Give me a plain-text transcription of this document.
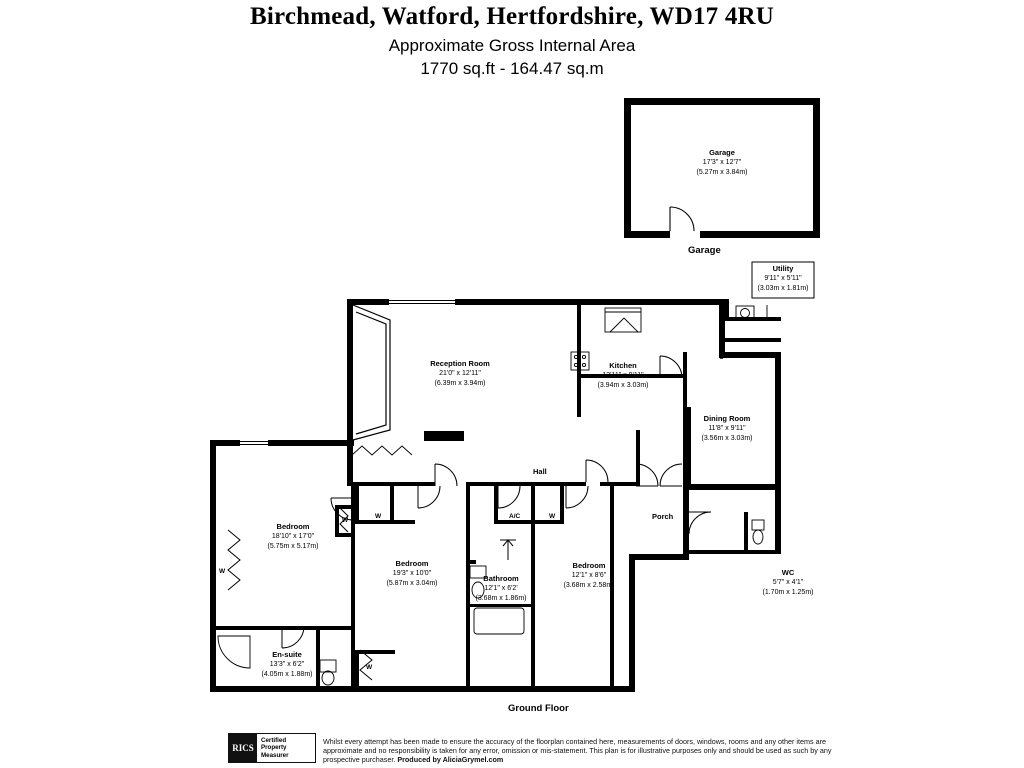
Birchmead, Watford, Hertfordshire, WD17 4RU
Approximate Gross Internal Area
1770 sq.ft - 164.47 sq.m
Garage
17'3" x 12'7"
(5.27m x 3.84m)
Garage
Utility
9'11" x 5'11"
(3.03m x 1.81m)
Reception Room
21'0" x 12'11"
(6.39m x 3.94m)
Kitchen
12'11" x 9'11"
(3.94m x 3.03m)
Dining Room
11'8" x 9'11"
(3.56m x 3.03m)
Bedroom
18'10" x 17'0"
(5.75m x 5.17m)
Bedroom
19'3" x 10'0"
(5.87m x 3.04m)
Bedroom
12'1" x 8'6"
(3.68m x 2.58m)
Bathroom
12'1" x 6'2'
(3.68m x 1.86m)
En-suite
13'3" x 6'2"
(4.05m x 1.88m)
WC
5'7" x 4'1"
(1.70m x 1.25m)
Hall
Porch
A/C
W
W	W
W
W
C
Ground Floor
RICS
Certified
Property
Measurer
Whilst every attempt has been made to ensure the accuracy of the floorplan contained here, measurements of doors, windows, rooms and any other items are approximate and no responsibility is taken for any error, omission or mis-statement. This plan is for illustrative purposes only and should be used as such by any prospective purchaser. Produced by AliciaGrymel.com
